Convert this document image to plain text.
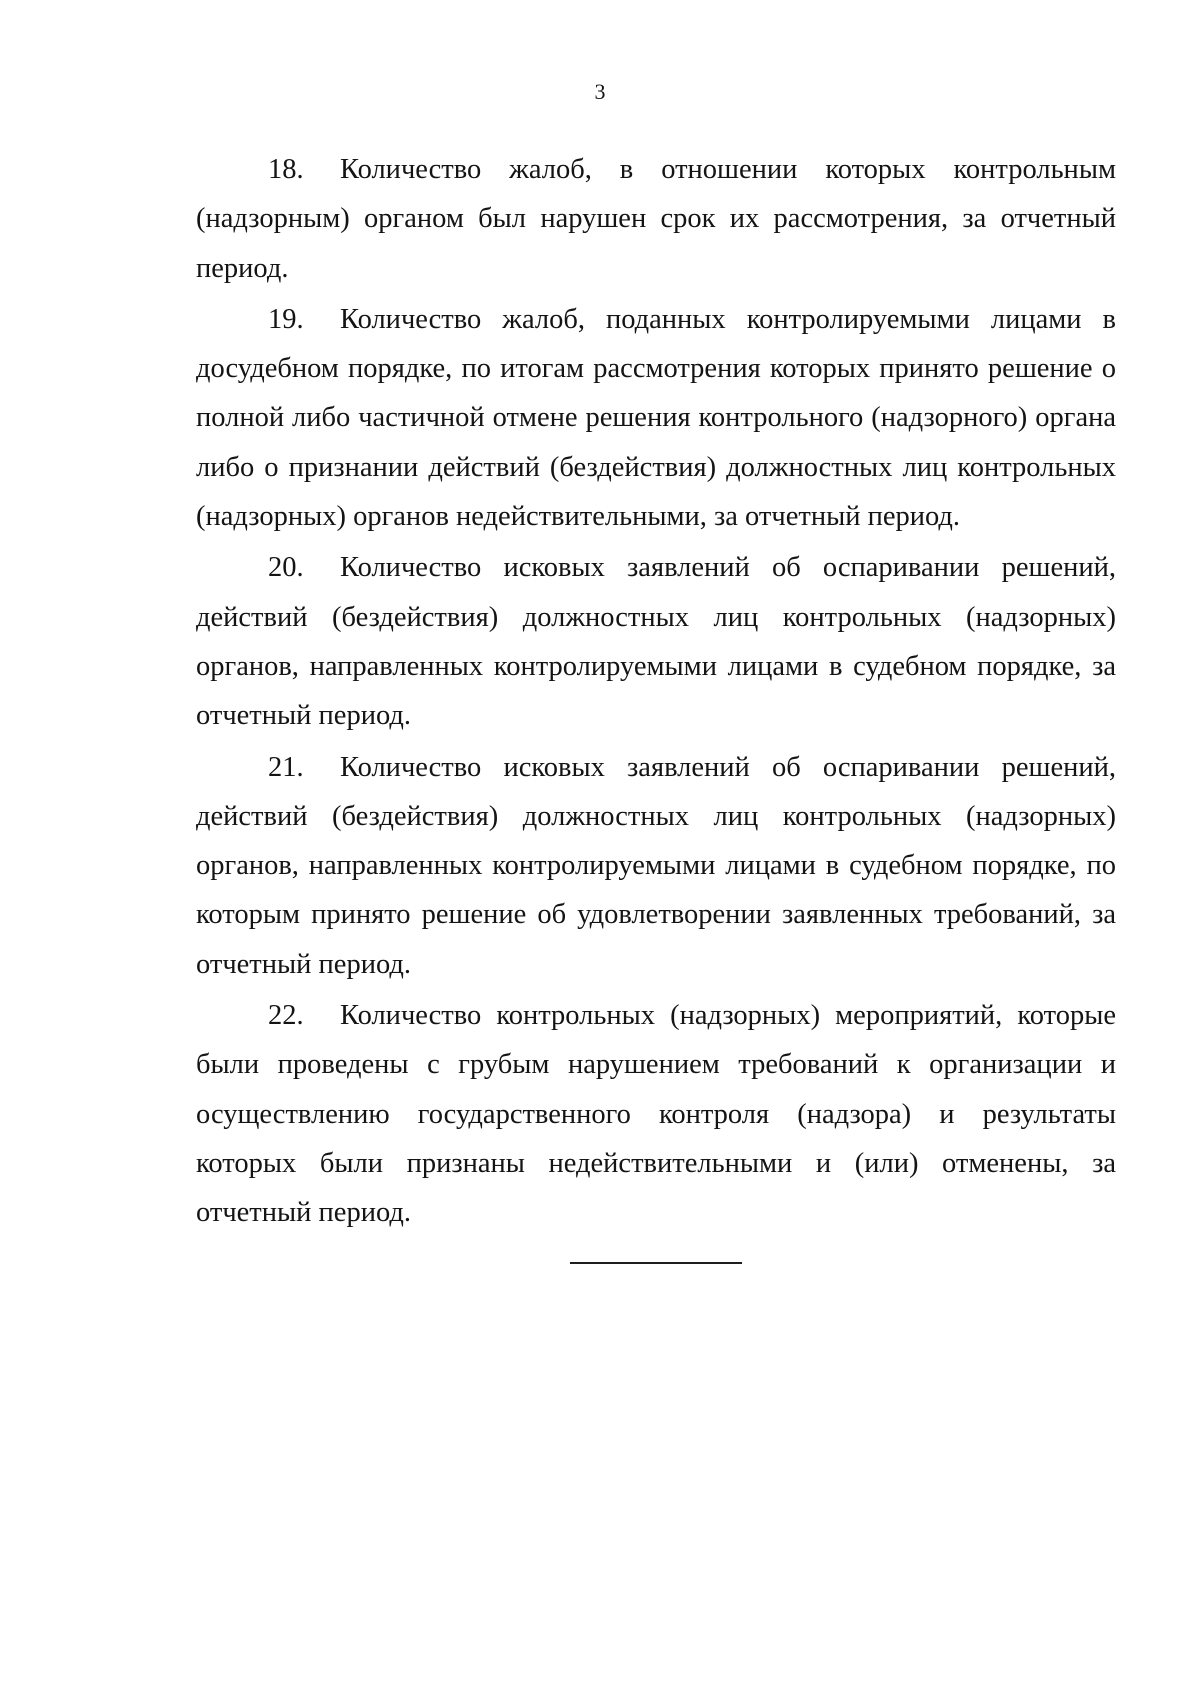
3

18. Количество жалоб, в отношении которых контрольным (надзорным) органом был нарушен срок их рассмотрения, за отчетный период.

19. Количество жалоб, поданных контролируемыми лицами в досудебном порядке, по итогам рассмотрения которых принято решение о полной либо частичной отмене решения контрольного (надзорного) органа либо о признании действий (бездействия) должностных лиц контрольных (надзорных) органов недействительными, за отчетный период.

20. Количество исковых заявлений об оспаривании решений, действий (бездействия) должностных лиц контрольных (надзорных) органов, направленных контролируемыми лицами в судебном порядке, за отчетный период.

21. Количество исковых заявлений об оспаривании решений, действий (бездействия) должностных лиц контрольных (надзорных) органов, направленных контролируемыми лицами в судебном порядке, по которым принято решение об удовлетворении заявленных требований, за отчетный период.

22. Количество контрольных (надзорных) мероприятий, которые были проведены с грубым нарушением требований к организации и осуществлению государственного контроля (надзора) и результаты которых были признаны недействительными и (или) отменены, за отчетный период.
